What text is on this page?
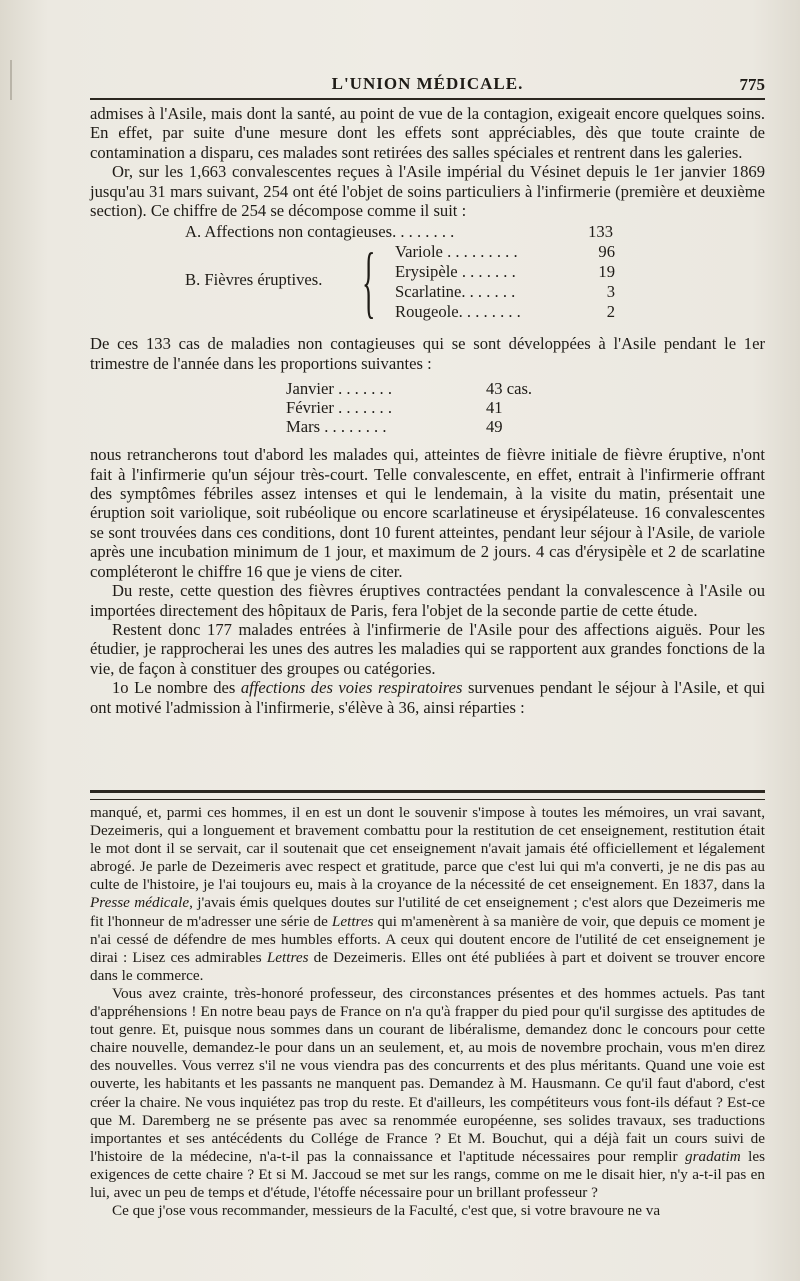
L'UNION MÉDICALE.	775

admises à l'Asile, mais dont la santé, au point de vue de la contagion, exigeait encore quelques soins. En effet, par suite d'une mesure dont les effets sont appréciables, dès que toute crainte de contamination a disparu, ces malades sont retirées des salles spéciales et rentrent dans les galeries.

Or, sur les 1,663 convalescentes reçues à l'Asile impérial du Vésinet depuis le 1er janvier 1869 jusqu'au 31 mars suivant, 254 ont été l'objet de soins particuliers à l'infirmerie (première et deuxième section). Ce chiffre de 254 se décompose comme il suit :

A. Affections non contagieuses. . . . . . . .	133
B. Fièvres éruptives. { Variole . . . . . . . . .	96
Erysipèle . . . . . . .	19
Scarlatine. . . . . . .	3
Rougeole. . . . . . . .	2

De ces 133 cas de maladies non contagieuses qui se sont développées à l'Asile pendant le 1er trimestre de l'année dans les proportions suivantes :

Janvier . . . . . . .	43 cas.
Février . . . . . . .	41
Mars . . . . . . . .	49

nous retrancherons tout d'abord les malades qui, atteintes de fièvre initiale de fièvre éruptive, n'ont fait à l'infirmerie qu'un séjour très-court. Telle convalescente, en effet, entrait à l'infirmerie offrant des symptômes fébriles assez intenses et qui le lendemain, à la visite du matin, présentait une éruption soit variolique, soit rubéolique ou encore scarlatineuse et érysipélateuse. 16 convalescentes se sont trouvées dans ces conditions, dont 10 furent atteintes, pendant leur séjour à l'Asile, de variole après une incubation minimum de 1 jour, et maximum de 2 jours. 4 cas d'érysipèle et 2 de scarlatine compléteront le chiffre 16 que je viens de citer.

Du reste, cette question des fièvres éruptives contractées pendant la convalescence à l'Asile ou importées directement des hôpitaux de Paris, fera l'objet de la seconde partie de cette étude.

Restent donc 177 malades entrées à l'infirmerie de l'Asile pour des affections aiguës. Pour les étudier, je rapprocherai les unes des autres les maladies qui se rapportent aux grandes fonctions de la vie, de façon à constituer des groupes ou catégories.

1o Le nombre des affections des voies respiratoires survenues pendant le séjour à l'Asile, et qui ont motivé l'admission à l'infirmerie, s'élève à 36, ainsi réparties :

manqué, et, parmi ces hommes, il en est un dont le souvenir s'impose à toutes les mémoires, un vrai savant, Dezeimeris, qui a longuement et bravement combattu pour la restitution de cet enseignement, restitution était le mot dont il se servait, car il soutenait que cet enseignement n'avait jamais été officiellement et légalement abrogé. Je parle de Dezeimeris avec respect et gratitude, parce que c'est lui qui m'a converti, je ne dis pas au culte de l'histoire, je l'ai toujours eu, mais à la croyance de la nécessité de cet enseignement. En 1837, dans la Presse médicale, j'avais émis quelques doutes sur l'utilité de cet enseignement ; c'est alors que Dezeimeris me fit l'honneur de m'adresser une série de Lettres qui m'amenèrent à sa manière de voir, que depuis ce moment je n'ai cessé de défendre de mes humbles efforts. A ceux qui doutent encore de l'utilité de cet enseignement je dirai : Lisez ces admirables Lettres de Dezeimeris. Elles ont été publiées à part et doivent se trouver encore dans le commerce.

Vous avez crainte, très-honoré professeur, des circonstances présentes et des hommes actuels. Pas tant d'appréhensions ! En notre beau pays de France on n'a qu'à frapper du pied pour qu'il surgisse des aptitudes de tout genre. Et, puisque nous sommes dans un courant de libéralisme, demandez donc le concours pour cette chaire nouvelle, demandez-le pour dans un an seulement, et, au mois de novembre prochain, vous m'en direz des nouvelles. Vous verrez s'il ne vous viendra pas des concurrents et des plus méritants. Quand une voie est ouverte, les habitants et les passants ne manquent pas. Demandez à M. Hausmann. Ce qu'il faut d'abord, c'est créer la chaire. Ne vous inquiétez pas trop du reste. Et d'ailleurs, les compétiteurs vous font-ils défaut ? Est-ce que M. Daremberg ne se présente pas avec sa renommée européenne, ses solides travaux, ses traductions importantes et ses antécédents du Collége de France ? Et M. Bouchut, qui a déjà fait un cours suivi de l'histoire de la médecine, n'a-t-il pas la connaissance et l'aptitude nécessaires pour remplir gradatim les exigences de cette chaire ? Et si M. Jaccoud se met sur les rangs, comme on me le disait hier, n'y a-t-il pas en lui, avec un peu de temps et d'étude, l'étoffe nécessaire pour un brillant professeur ?

Ce que j'ose vous recommander, messieurs de la Faculté, c'est que, si votre bravoure ne va
